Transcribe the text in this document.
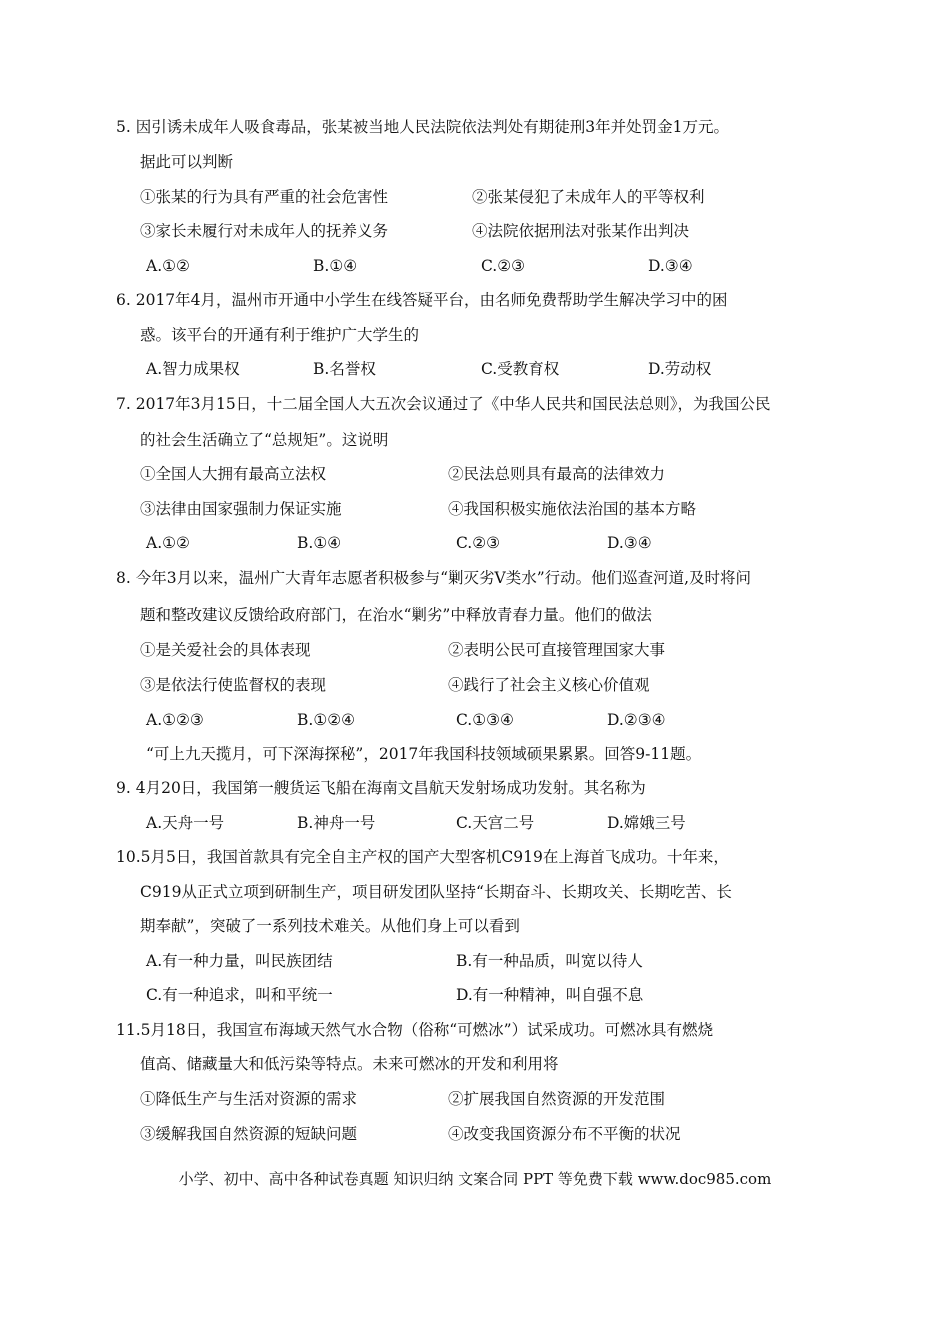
5. 因引诱未成年人吸食毒品，张某被当地人民法院依法判处有期徒刑3年并处罚金1万元。
据此可以判断
①张某的行为具有严重的社会危害性	②张某侵犯了未成年人的平等权利
③家长未履行对未成年人的抚养义务	④法院依据刑法对张某作出判决
A.①②	B.①④	C.②③	D.③④
6. 2017年4月，温州市开通中小学生在线答疑平台，由名师免费帮助学生解决学习中的困
惑。该平台的开通有利于维护广大学生的
A.智力成果权	B.名誉权	C.受教育权	D.劳动权
7. 2017年3月15日，十二届全国人大五次会议通过了《中华人民共和国民法总则》，为我国公民
的社会生活确立了“总规矩”。这说明
①全国人大拥有最高立法权	②民法总则具有最高的法律效力
③法律由国家强制力保证实施	④我国积极实施依法治国的基本方略
A.①②	B.①④	C.②③	D.③④
8. 今年3月以来，温州广大青年志愿者积极参与“剿灭劣Ⅴ类水”行动。他们巡查河道,及时将问
题和整改建议反馈给政府部门，在治水“剿劣”中释放青春力量。他们的做法
①是关爱社会的具体表现	②表明公民可直接管理国家大事
③是依法行使监督权的表现	④践行了社会主义核心价值观
A.①②③	B.①②④	C.①③④	D.②③④
“可上九天揽月，可下深海探秘”，2017年我国科技领域硕果累累。回答9-11题。
9. 4月20日，我国第一艘货运飞船在海南文昌航天发射场成功发射。其名称为
A.天舟一号	B.神舟一号	C.天宫二号	D.嫦娥三号
10.5月5日，我国首款具有完全自主产权的国产大型客机C919在上海首飞成功。十年来，
C919从正式立项到研制生产，项目研发团队坚持“长期奋斗、长期攻关、长期吃苦、长
期奉献”，突破了一系列技术难关。从他们身上可以看到
A.有一种力量，叫民族团结	B.有一种品质，叫宽以待人
C.有一种追求，叫和平统一	D.有一种精神，叫自强不息
11.5月18日，我国宣布海域天然气水合物（俗称“可燃冰”）试采成功。可燃冰具有燃烧
值高、储藏量大和低污染等特点。未来可燃冰的开发和利用将
①降低生产与生活对资源的需求	②扩展我国自然资源的开发范围
③缓解我国自然资源的短缺问题	④改变我国资源分布不平衡的状况
小学、初中、高中各种试卷真题 知识归纳 文案合同 PPT 等免费下载 www.doc985.com
